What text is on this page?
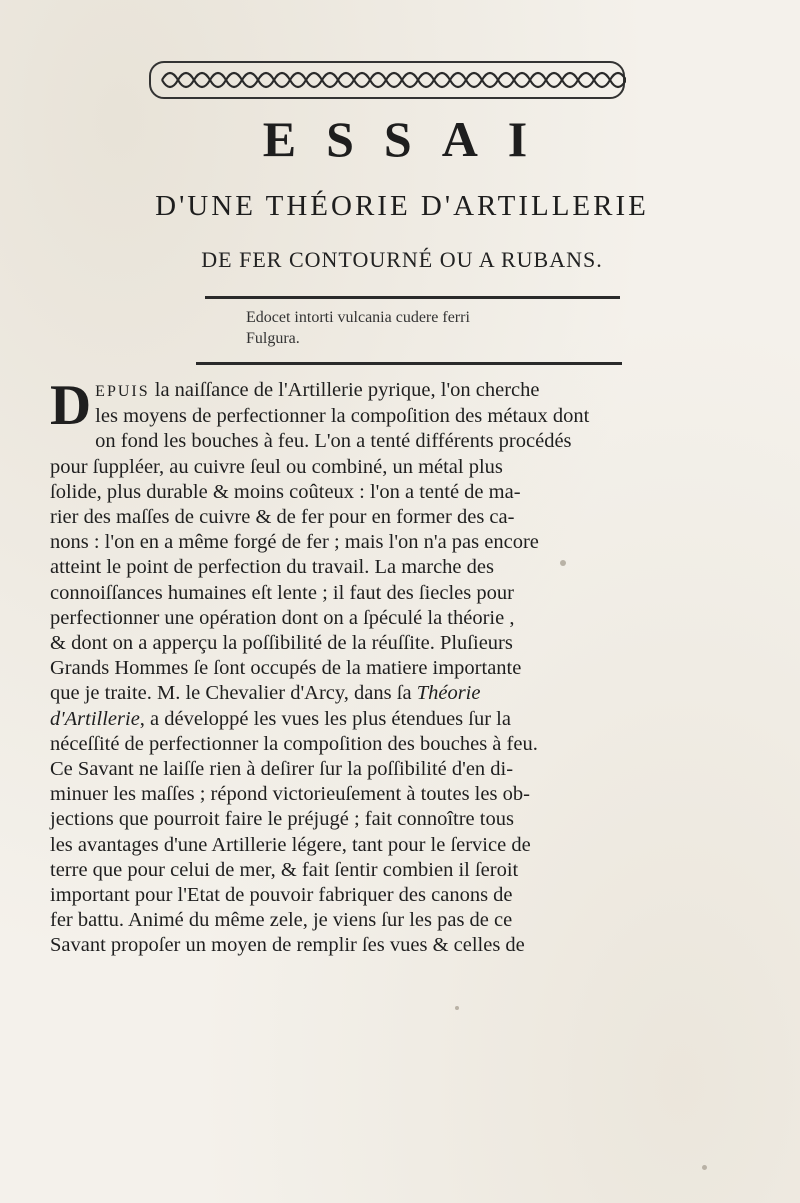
ESSAI
D'UNE THÉORIE D'ARTILLERIE
DE FER CONTOURNÉ OU A RUBANS.
Edocet intorti vulcania cudere ferri
Fulgura.
D EPUIS la naiſſance de l'Artillerie pyrique, l'on cherche
les moyens de perfectionner la compoſition des métaux dont
on fond les bouches à feu. L'on a tenté différents procédés
pour ſuppléer, au cuivre ſeul ou combiné, un métal plus
ſolide, plus durable & moins coûteux : l'on a tenté de ma-
rier des maſſes de cuivre & de fer pour en former des ca-
nons : l'on en a même forgé de fer ; mais l'on n'a pas encore
atteint le point de perfection du travail. La marche des
connoiſſances humaines eſt lente ; il faut des ſiecles pour
perfectionner une opération dont on a ſpéculé la théorie ,
& dont on a apperçu la poſſibilité de la réuſſite. Pluſieurs
Grands Hommes ſe ſont occupés de la matiere importante
que je traite. M. le Chevalier d'Arcy, dans ſa Théorie
d'Artillerie, a développé les vues les plus étendues ſur la
néceſſité de perfectionner la compoſition des bouches à feu.
Ce Savant ne laiſſe rien à deſirer ſur la poſſibilité d'en di-
minuer les maſſes ; répond victorieuſement à toutes les ob-
jections que pourroit faire le préjugé ; fait connoître tous
les avantages d'une Artillerie légere, tant pour le ſervice de
terre que pour celui de mer, & fait ſentir combien il ſeroit
important pour l'Etat de pouvoir fabriquer des canons de
fer battu. Animé du même zele, je viens ſur les pas de ce
Savant propoſer un moyen de remplir ſes vues & celles de
